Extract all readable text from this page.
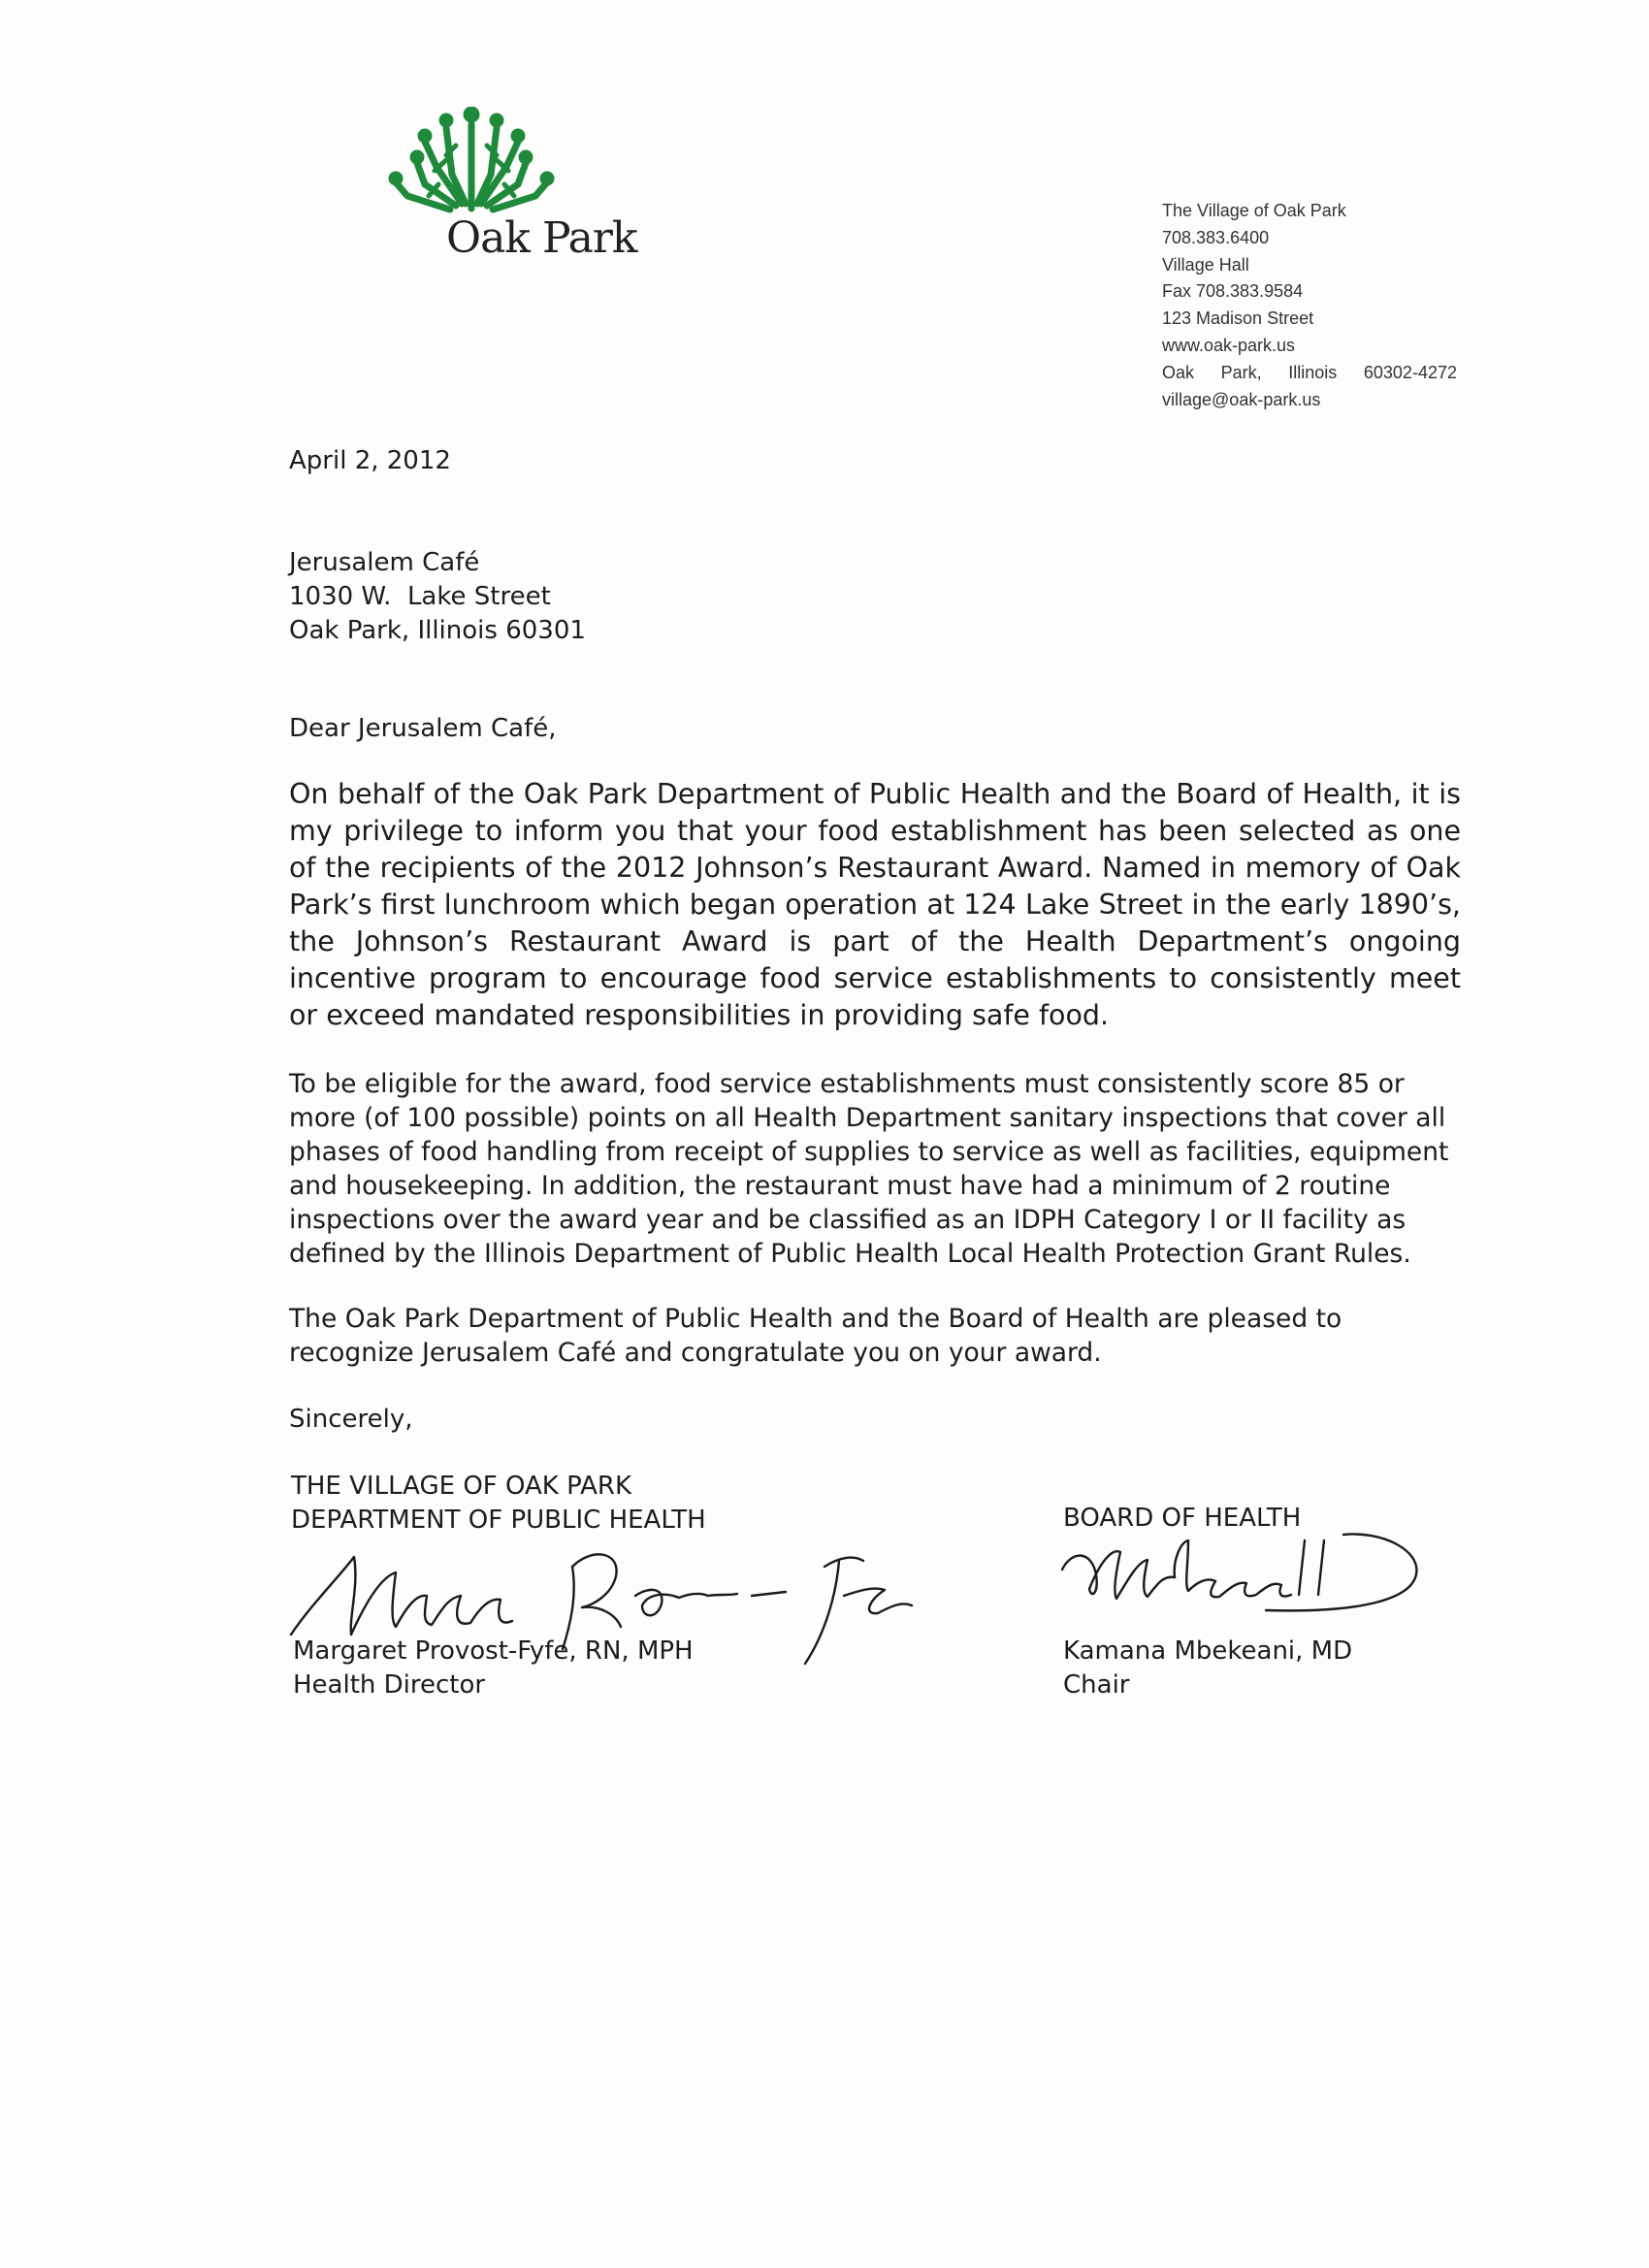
Oak Park
The Village of Oak Park
708.383.6400
Village Hall
Fax 708.383.9584
123 Madison Street
www.oak-park.us
Oak Park, Illinois 60302-4272
village@oak-park.us
April 2, 2012
Jerusalem Café
1030 W.  Lake Street
Oak Park, Illinois 60301
Dear Jerusalem Café,
On behalf of the Oak Park Department of Public Health and the Board of Health, it is my privilege to inform you that your food establishment has been selected as one of the recipients of the 2012 Johnson’s Restaurant Award. Named in memory of Oak Park’s first lunchroom which began operation at 124 Lake Street in the early 1890’s, the Johnson’s Restaurant Award is part of the Health Department’s ongoing incentive program to encourage food service establishments to consistently meet or exceed mandated responsibilities in providing safe food.
To be eligible for the award, food service establishments must consistently score 85 or more (of 100 possible) points on all Health Department sanitary inspections that cover all phases of food handling from receipt of supplies to service as well as facilities, equipment and housekeeping. In addition, the restaurant must have had a minimum of 2 routine inspections over the award year and be classified as an IDPH Category I or II facility as defined by the Illinois Department of Public Health Local Health Protection Grant Rules.
The Oak Park Department of Public Health and the Board of Health are pleased to recognize Jerusalem Café and congratulate you on your award.
Sincerely,
THE VILLAGE OF OAK PARK
DEPARTMENT OF PUBLIC HEALTH	BOARD OF HEALTH
Margaret Provost-Fyfe, RN, MPH
Health Director
Kamana Mbekeani, MD
Chair
